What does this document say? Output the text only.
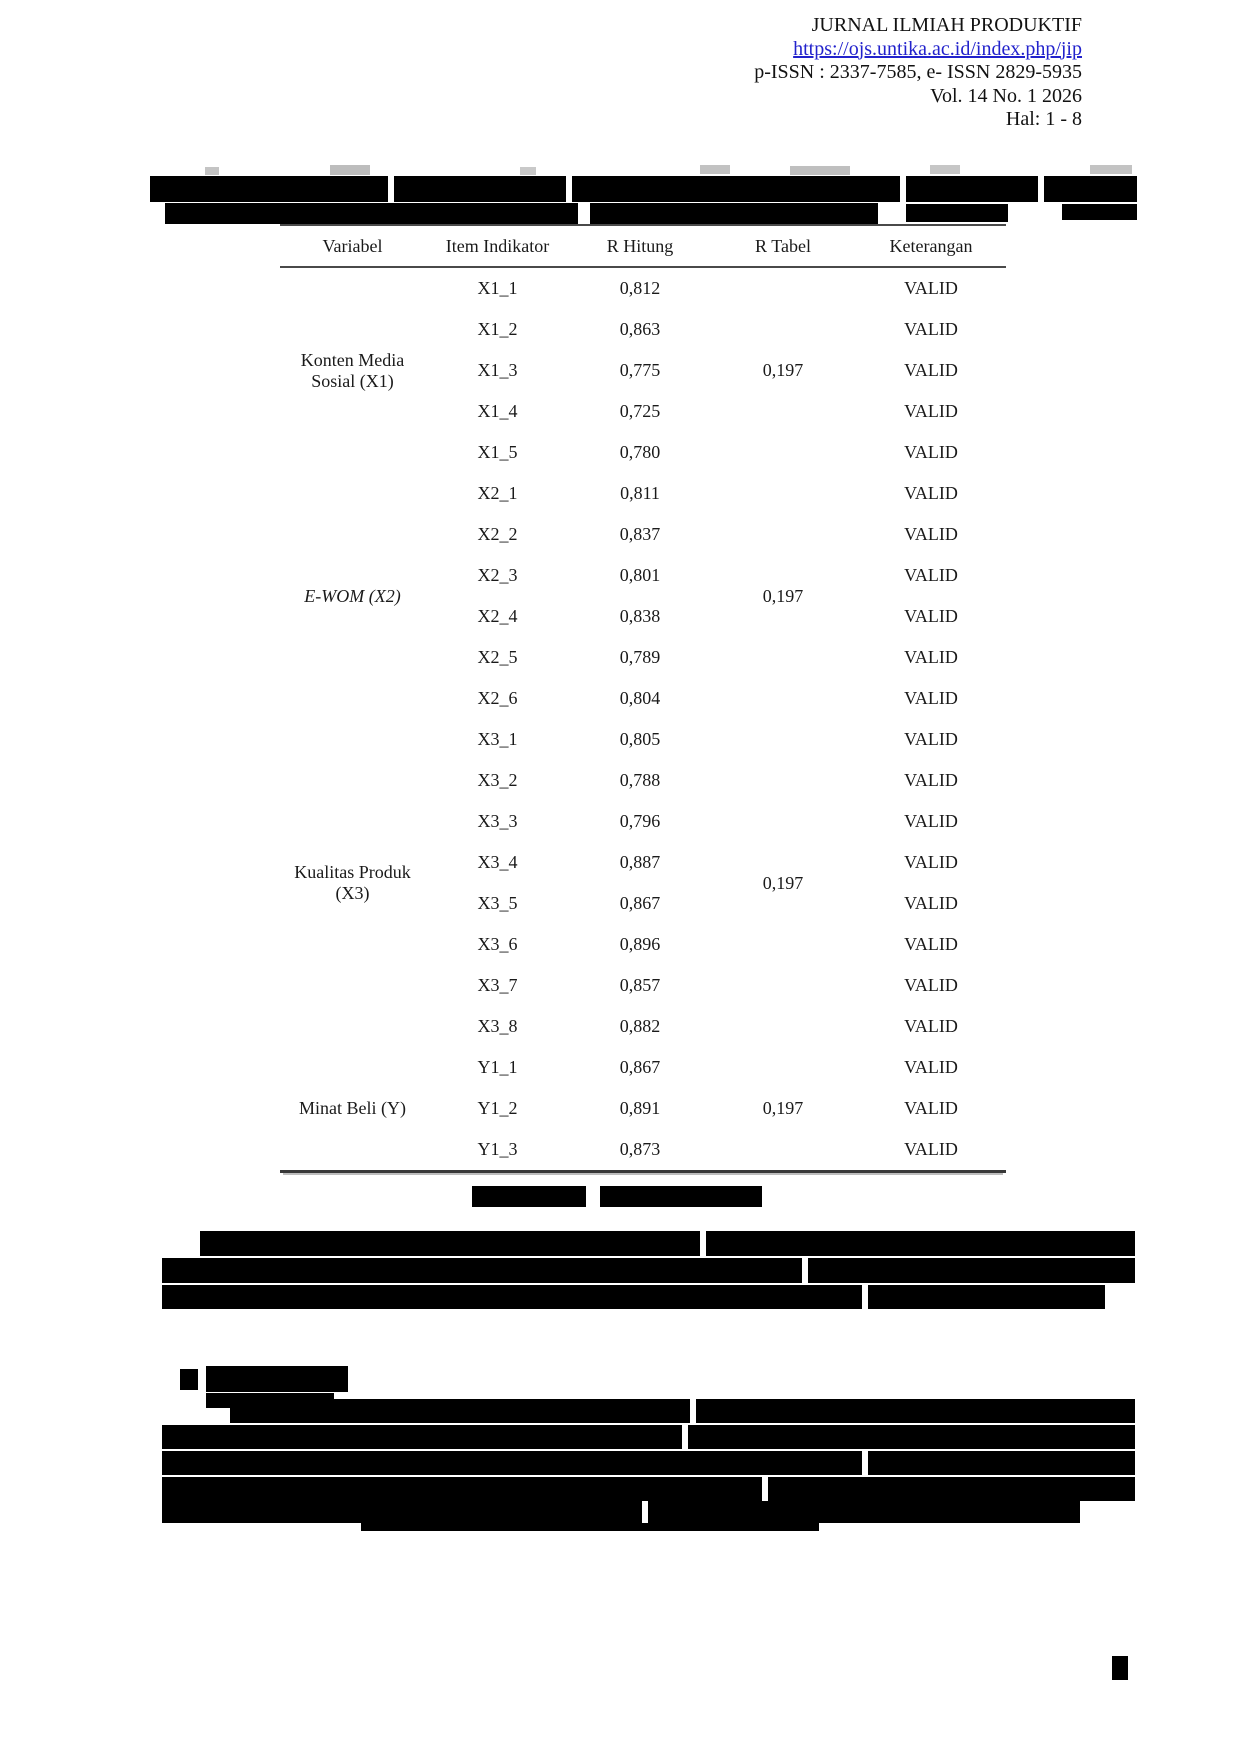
JURNAL ILMIAH PRODUKTIF
https://ojs.untika.ac.id/index.php/jip
p-ISSN : 2337-7585, e- ISSN 2829-5935
Vol. 14 No. 1 2026
Hal: 1 - 8
Variabel	Item Indikator	R Hitung	R Tabel	Keterangan
Konten Media Sosial (X1)	X1_1	0,812	0,197	VALID
	X1_2	0,863		VALID
	X1_3	0,775		VALID
	X1_4	0,725		VALID
	X1_5	0,780		VALID
E-WOM (X2)	X2_1	0,811	0,197	VALID
	X2_2	0,837		VALID
	X2_3	0,801		VALID
	X2_4	0,838		VALID
	X2_5	0,789		VALID
	X2_6	0,804		VALID
Kualitas Produk (X3)	X3_1	0,805	0,197	VALID
	X3_2	0,788		VALID
	X3_3	0,796		VALID
	X3_4	0,887		VALID
	X3_5	0,867		VALID
	X3_6	0,896		VALID
	X3_7	0,857		VALID
	X3_8	0,882		VALID
Minat Beli (Y)	Y1_1	0,867	0,197	VALID
	Y1_2	0,891		VALID
	Y1_3	0,873		VALID
